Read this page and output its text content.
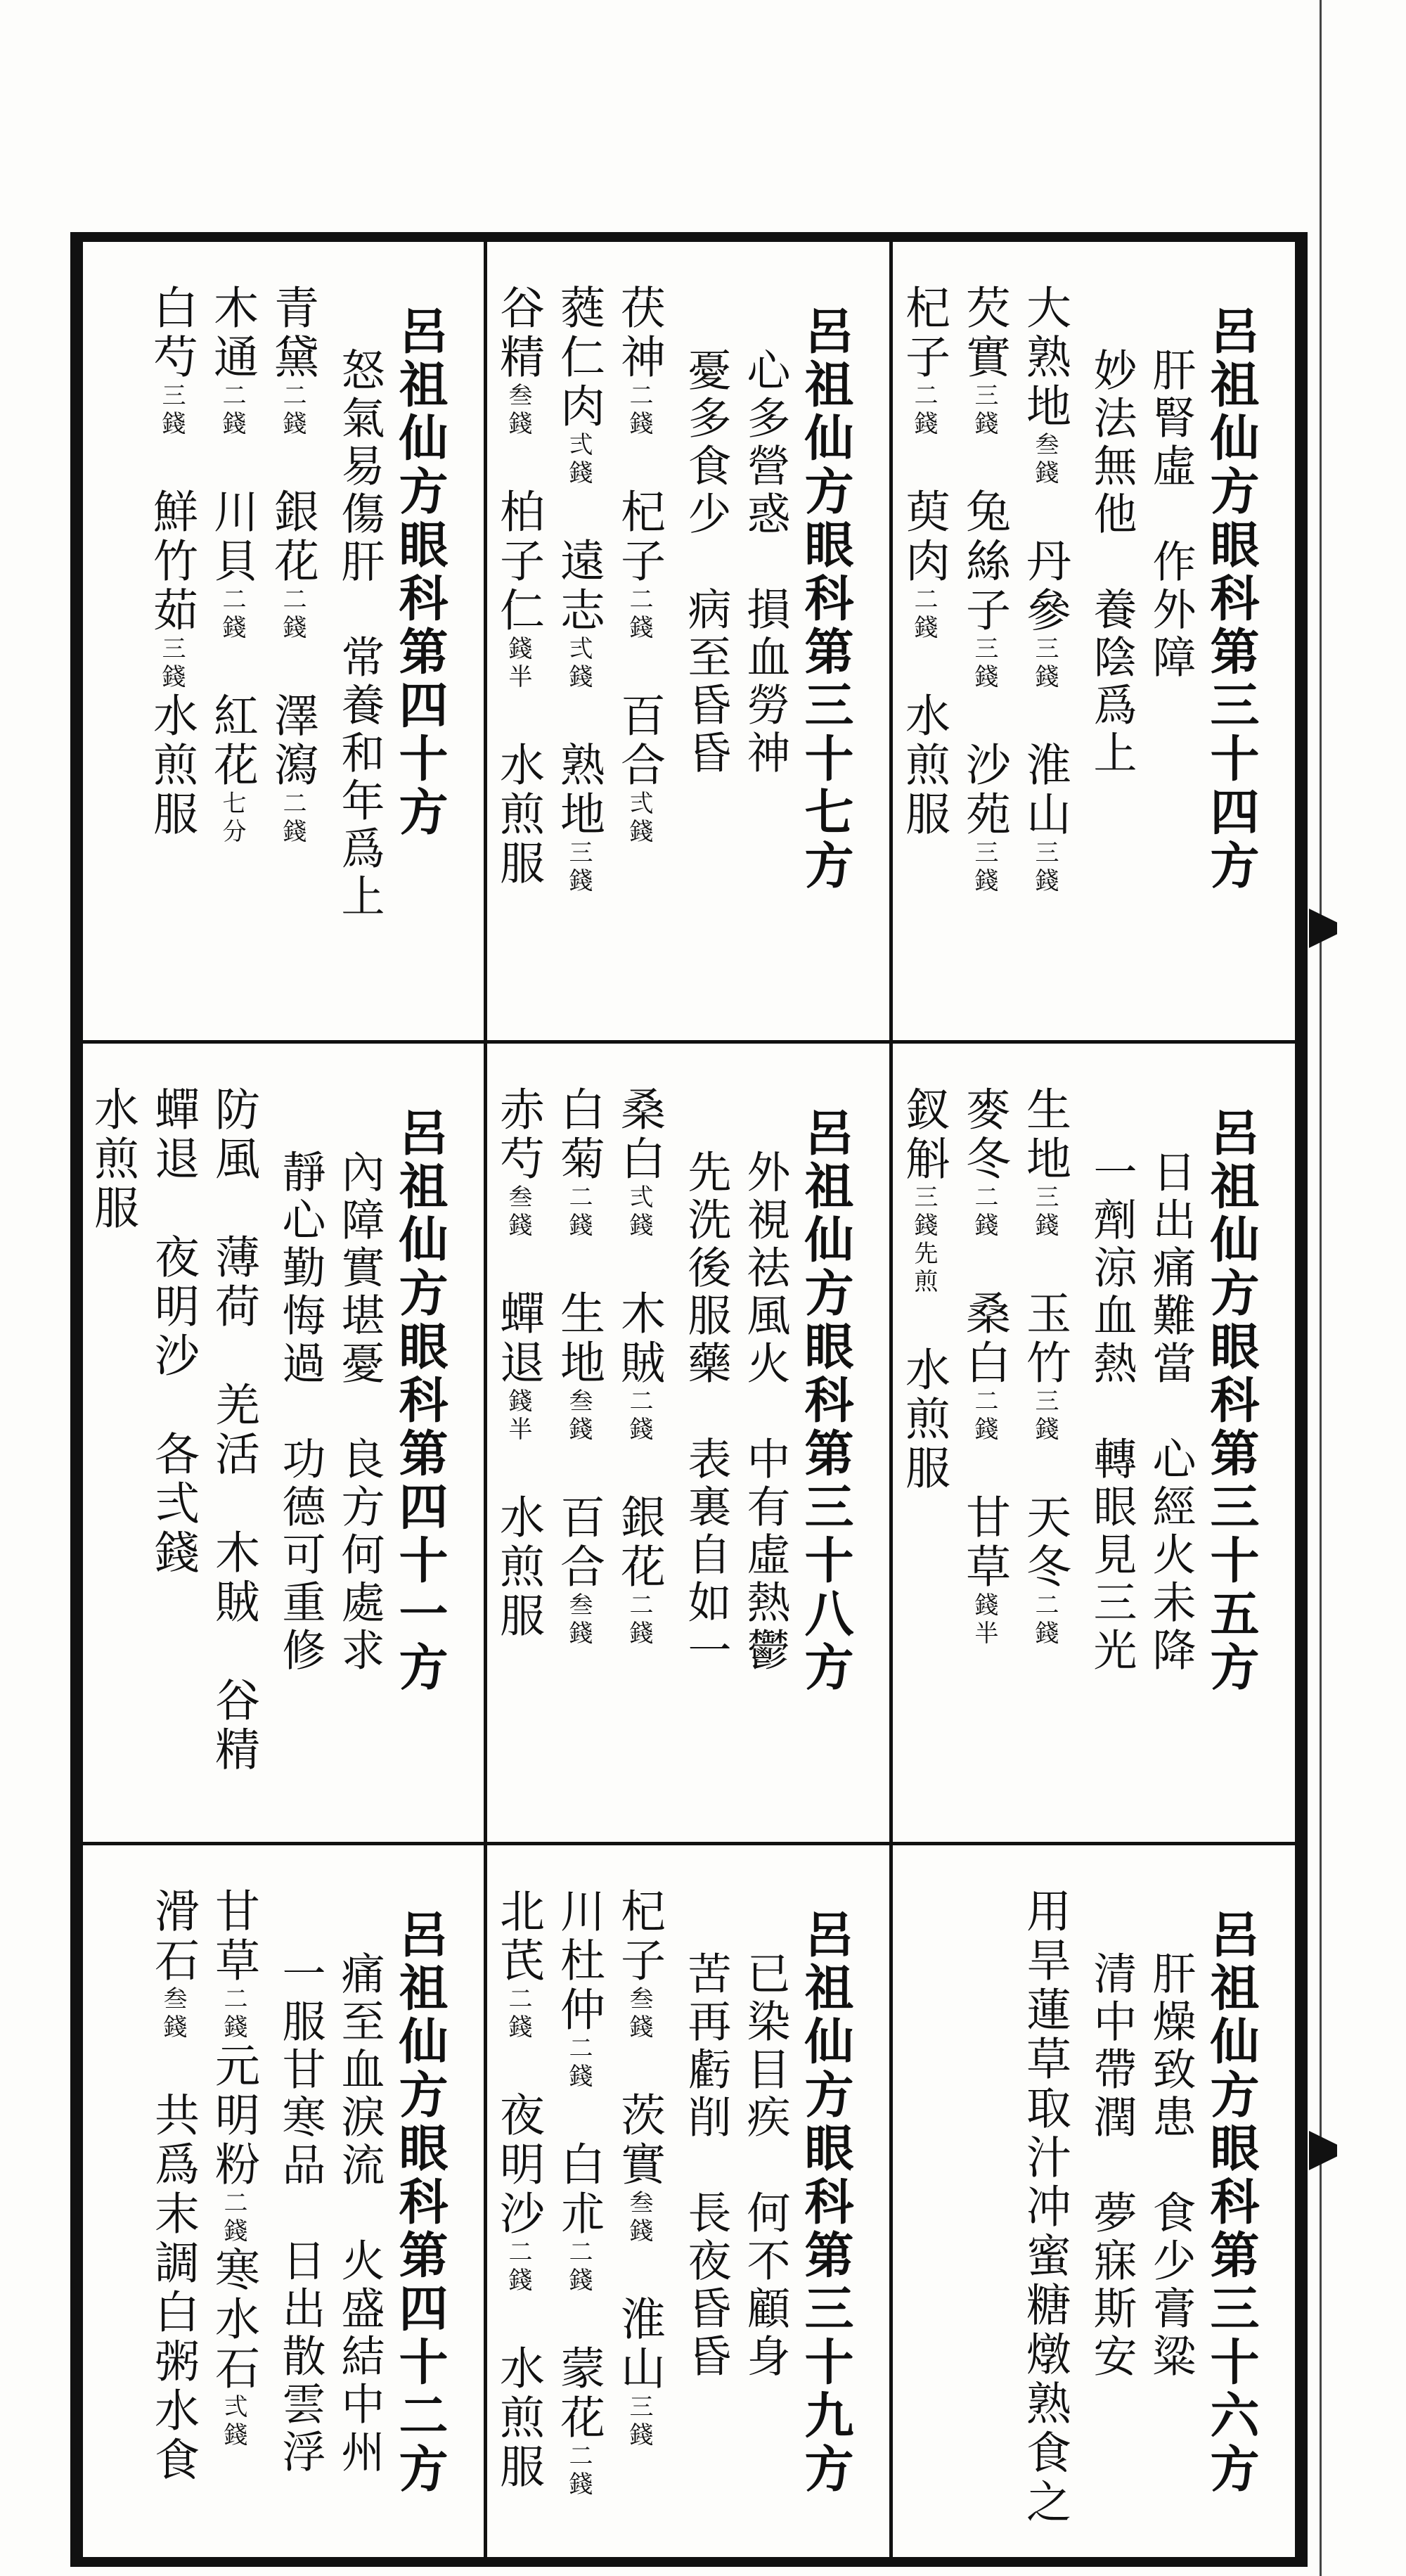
呂祖仙方眼科第三十四方
肝腎虛　作外障
妙法無他　養陰爲上
大熟地叁錢　丹參三錢　淮山三錢
芡實三錢　兔絲子三錢　沙苑三錢
杞子二錢　萸肉二錢　水煎服
呂祖仙方眼科第三十七方
心多營惑　損血勞神
憂多食少　病至昏昏
茯神二錢　杞子二錢　百合弍錢
蕤仁肉弍錢　遠志弍錢　熟地三錢
谷精叁錢　柏子仁錢半　水煎服
呂祖仙方眼科第四十方
怒氣易傷肝　常養和年爲上
青黛二錢　銀花二錢　澤瀉二錢
木通二錢　川貝二錢　紅花七分
白芍三錢　鮮竹茹三錢水煎服
呂祖仙方眼科第三十五方
日出痛難當　心經火未降
一劑涼血熱　轉眼見三光
生地三錢　玉竹三錢　天冬二錢
麥冬二錢　桑白二錢　甘草錢半
釵斛三錢先煎　水煎服
呂祖仙方眼科第三十八方
外視祛風火　中有虛熱鬱
先洗後服藥　表裏自如一
桑白弍錢　木賊二錢　銀花二錢
白菊二錢　生地叁錢　百合叁錢
赤芍叁錢　蟬退錢半　水煎服
呂祖仙方眼科第四十一方
內障實堪憂　良方何處求
靜心勤悔過　功德可重修
防風　薄荷　羌活　木賊　谷精
蟬退　夜明沙　各弍錢
水煎服
呂祖仙方眼科第三十六方
肝燥致患　食少膏粱
清中帶潤　夢寐斯安
用旱蓮草取汁冲蜜糖燉熟食之
呂祖仙方眼科第三十九方
已染目疾　何不顧身
苦再虧削　長夜昏昏
杞子叁錢　茨實叁錢　淮山三錢
川杜仲二錢　白朮二錢　蒙花二錢
北芪二錢　夜明沙二錢　水煎服
呂祖仙方眼科第四十二方
痛至血淚流　火盛結中州
一服甘寒品　日出散雲浮
甘草二錢元明粉二錢寒水石弍錢
滑石叁錢　共爲末調白粥水食
